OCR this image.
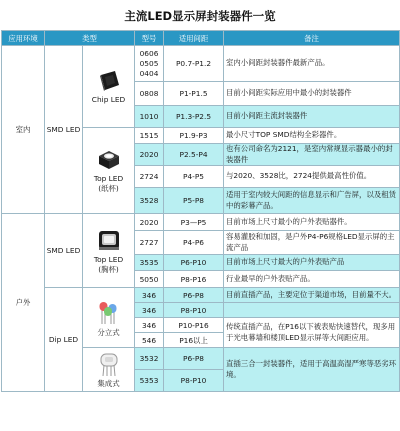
主流LED显示屏封装器件一览
应用环境	类型		型号	适用间距	备注
室内	SMD LED	Chip LED	0606
0505
0404	P0.7-P1.2	室内小间距封装器件最新产品。

			0808	P1-P1.5	目前小间距实际应用中最小的封装器件

			1010	P1.3-P2.5	目前小间距主流封装器件

		Top LED
(纸杯)	1515	P1.9-P3	最小尺寸TOP SMD结构全彩器件。

			2020	P2.5-P4	也有公司命名为2121，是室内常规显示器最小的封装器件

			2724	P4-P5	与2020、3528比，2724提供最高性价值。

			3528	P5-P8	适用于室内较大间距的信息显示和广告屏，以及租赁中的彩幕产品。

户外	SMD LED	Top LED
(胸杯)	2020	P3—P5	目前市场上尺寸最小的户外表贴器件。

			2727	P4-P6	容易灌胶和加固，是户外P4-P6规格LED显示屏的主流产品

			3535	P6-P10	目前市场上尺寸最大的户外表贴产品

			5050	P8-P16	行业最早的户外表贴产品。

	Dip LED	分立式	346	P6-P8	目前直插产品，主要定位于渠道市场，目前量不大。

			346	P8-P10	

			346	P10-P16	传统直插产品，在P16以下被表贴快速替代，现多用于光电幕墙和楼顶LED显示屏等大间距应用。

			546	P16以上	

		集成式	3532	P6-P8	直插三合一封装器件，适用于高温高湿严寒等恶劣环境。

			5353	P8-P10	
